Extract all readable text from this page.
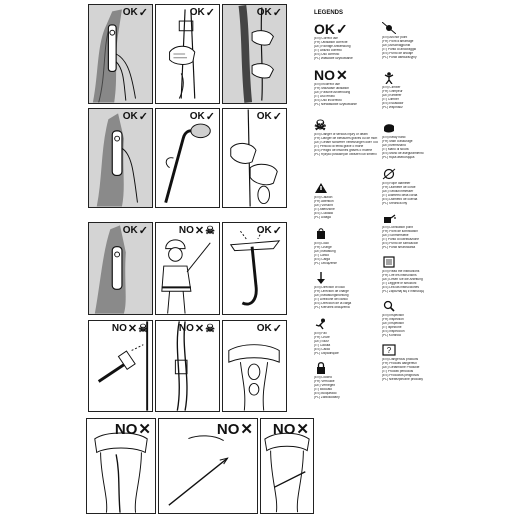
OK ✓	OK ✓	OK ✓
OK ✓	OK ✓	OK ✓
OK ✓	NO ✕ ☠	OK ✓
NO ✕ ☠	NO ✕ ☠	OK ✓
NO ✕	NO ✕ NO ✕
LEGENDS
OK ✓
(EN) Correct use
(FR) Utilisation correcte
(DE) Richtige Anwendung
(IT) Utilizzo corretto
(ES) Uso correcto
(PL) Właściwe użytkowanie
NO ✕
(EN) Incorrect use
(FR) Mauvaise utilisation
(DE) Falsche Anwendung
(IT) Uso errato
(ES) Uso incorrecto
(PL) Niewłaściwe użytkowanie
☠
(EN) Danger of serious injury or death
(FR) Danger de blessures graves ou de mort
(DE) Gefahr schwerer Verletzungen oder Tod
(IT) Pericolo di ferita grave o morte
(ES) Peligro de lesiones graves o muerte
(PL) Ryzyko poważnych obrażeń lub śmierci
(EN) Caution
(FR) Attention
(DE) Vorsicht
(IT) Attenzione
(ES) Cuidado
(PL) Uwaga
(EN) Load
(FR) Charge
(DE) Belastung
(IT) Carico
(ES) Carga
(PL) Obciążenie
(EN) Direction of load
(FR) Direction de charge
(DE) Belastungsrichtung
(IT) Direzione del carico
(ES) Dirección de la carga
(PL) Kierunek obciążenia
(EN) Fall
(FR) Chute
(DE) Sturz
(IT) Caduta
(ES) Caída
(PL) Odpadnięcie
(EN) Locked
(FR) Verrouillé
(DE) Verriegelt
(IT) Bloccato
(ES) Bloqueado
(PL) Zablokowany
(EN) Anchor point
(FR) Point d'amarrage
(DE) Anschlagpunkt
(IT) Punto di ancoraggio
(ES) Punto de anclaje
(PL) Punkt asekuracyjny
(EN) Climber
(FR) Grimpeur
(DE) Kletterer
(IT) Climber
(ES) Escalador
(PL) Wspinacz
(EN) Belay hand
(FR) Main d'assurage
(DE) Bremshand
(IT) Mano di sicura
(ES) Mano de aseguramiento
(PL) Ręka asekurująca
(EN) Rope diameter
(FR) Diamètre de corde
(DE) Seildurchmesser
(IT) Diametro della corda
(ES) Diámetro de cuerda
(PL) Średnica liny
(EN) Lubrication point
(FR) Point de lubrification
(DE) Schmierstelle
(IT) Punto di lubrificazione
(ES) Punto de lubricación
(PL) Punkt smarowania
(EN) Read the instructions
(FR) Lire les instructions
(DE) Lesen Sie die Anleitung
(IT) Leggere le istruzioni
(ES) Lea las instrucciones
(PL) Zapoznaj się z instrukcją
(EN) Inspection
(FR) Inspection
(DE) Inspektion
(IT) Ispezione
(ES) Inspección
(PL) Kontrola
?
(EN) Dangerous products
(FR) Produits dangereux
(DE) Gefährliche Produkte
(IT) Prodotti pericolosi
(ES) Productos peligrosos
(PL) Niebezpieczne produkty
